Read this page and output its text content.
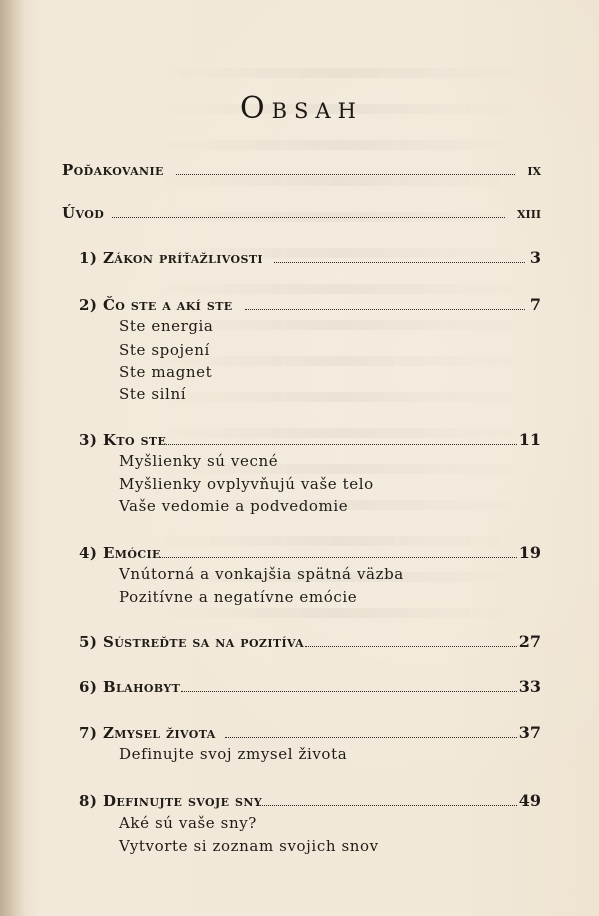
Obsah
Poďakovanie	ix
Úvod	xiii
1) Zákon príťažlivosti	3
2) Čo ste a akí ste	7
Ste energia
Ste spojení
Ste magnet
Ste silní
3) Kto ste	11
Myšlienky sú vecné
Myšlienky ovplyvňujú vaše telo
Vaše vedomie a podvedomie
4) Emócie	19
Vnútorná a vonkajšia spätná väzba
Pozitívne a negatívne emócie
5) Sústreďte sa na pozitíva	27
6) Blahobyt	33
7) Zmysel života	37
Definujte svoj zmysel života
8) Definujte svoje sny	49
Aké sú vaše sny?
Vytvorte si zoznam svojich snov
